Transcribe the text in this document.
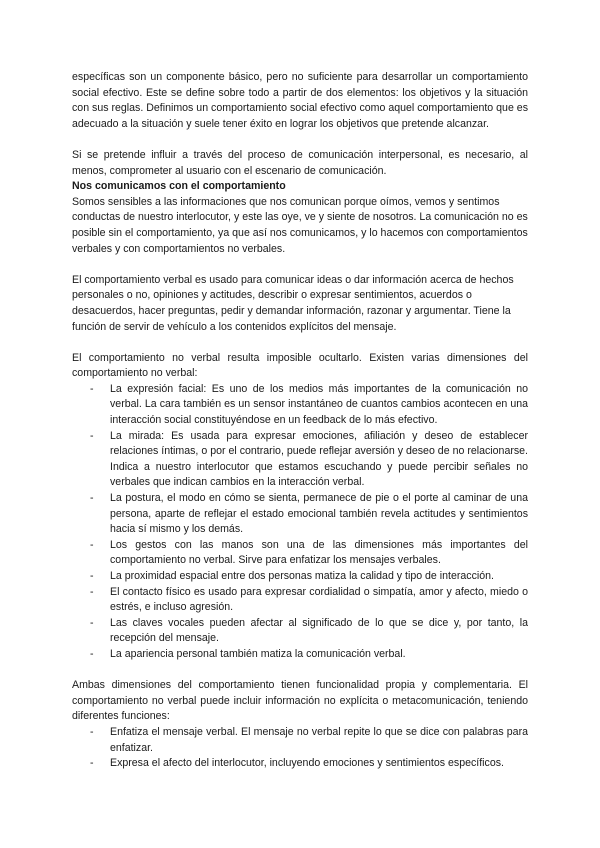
específicas son un componente básico, pero no suficiente para desarrollar un comportamiento social efectivo. Este se define sobre todo a partir de dos elementos: los objetivos y la situación con sus reglas. Definimos un comportamiento social efectivo como aquel comportamiento que es adecuado a la situación y suele tener éxito en lograr los objetivos que pretende alcanzar.

Si se pretende influir a través del proceso de comunicación interpersonal, es necesario, al menos, comprometer al usuario con el escenario de comunicación.

Nos comunicamos con el comportamiento

Somos sensibles a las informaciones que nos comunican porque oímos, vemos y sentimos conductas de nuestro interlocutor, y este las oye, ve y siente de nosotros. La comunicación no es posible sin el comportamiento, ya que así nos comunicamos, y lo hacemos con comportamientos verbales y con comportamientos no verbales.

El comportamiento verbal es usado para comunicar ideas o dar información acerca de hechos personales o no, opiniones y actitudes, describir o expresar sentimientos, acuerdos o desacuerdos, hacer preguntas, pedir y demandar información, razonar y argumentar. Tiene la función de servir de vehículo a los contenidos explícitos del mensaje.

El comportamiento no verbal resulta imposible ocultarlo. Existen varias dimensiones del comportamiento no verbal:

- La expresión facial: Es uno de los medios más importantes de la comunicación no verbal. La cara también es un sensor instantáneo de cuantos cambios acontecen en una interacción social constituyéndose en un feedback de lo más efectivo.
- La mirada: Es usada para expresar emociones, afiliación y deseo de establecer relaciones íntimas, o por el contrario, puede reflejar aversión y deseo de no relacionarse. Indica a nuestro interlocutor que estamos escuchando y puede percibir señales no verbales que indican cambios en la interacción verbal.
- La postura, el modo en cómo se sienta, permanece de pie o el porte al caminar de una persona, aparte de reflejar el estado emocional también revela actitudes y sentimientos hacia sí mismo y los demás.
- Los gestos con las manos son una de las dimensiones más importantes del comportamiento no verbal. Sirve para enfatizar los mensajes verbales.
- La proximidad espacial entre dos personas matiza la calidad y tipo de interacción.
- El contacto físico es usado para expresar cordialidad o simpatía, amor y afecto, miedo o estrés, e incluso agresión.
- Las claves vocales pueden afectar al significado de lo que se dice y, por tanto, la recepción del mensaje.
- La apariencia personal también matiza la comunicación verbal.

Ambas dimensiones del comportamiento tienen funcionalidad propia y complementaria. El comportamiento no verbal puede incluir información no explícita o metacomunicación, teniendo diferentes funciones:

- Enfatiza el mensaje verbal. El mensaje no verbal repite lo que se dice con palabras para enfatizar.
- Expresa el afecto del interlocutor, incluyendo emociones y sentimientos específicos.
